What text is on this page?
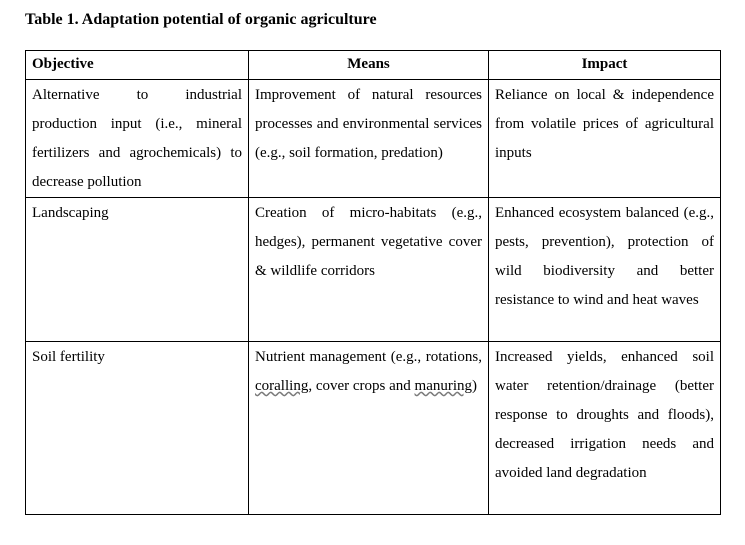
Table 1. Adaptation potential of organic agriculture
Objective	Means	Impact
Alternative to industrial production input (i.e., mineral fertilizers and agrochemicals) to decrease pollution	Improvement of natural resources processes and environmental services (e.g., soil formation, predation)	Reliance on local & independence from volatile prices of agricultural inputs
Landscaping	Creation of micro-habitats (e.g., hedges), permanent vegetative cover & wildlife corridors	Enhanced ecosystem balanced (e.g., pests, prevention), protection of wild biodiversity and better resistance to wind and heat waves
Soil fertility	Nutrient management (e.g., rotations, coralling, cover crops and manuring)	Increased yields, enhanced soil water retention/drainage (better response to droughts and floods), decreased irrigation needs and avoided land degradation
